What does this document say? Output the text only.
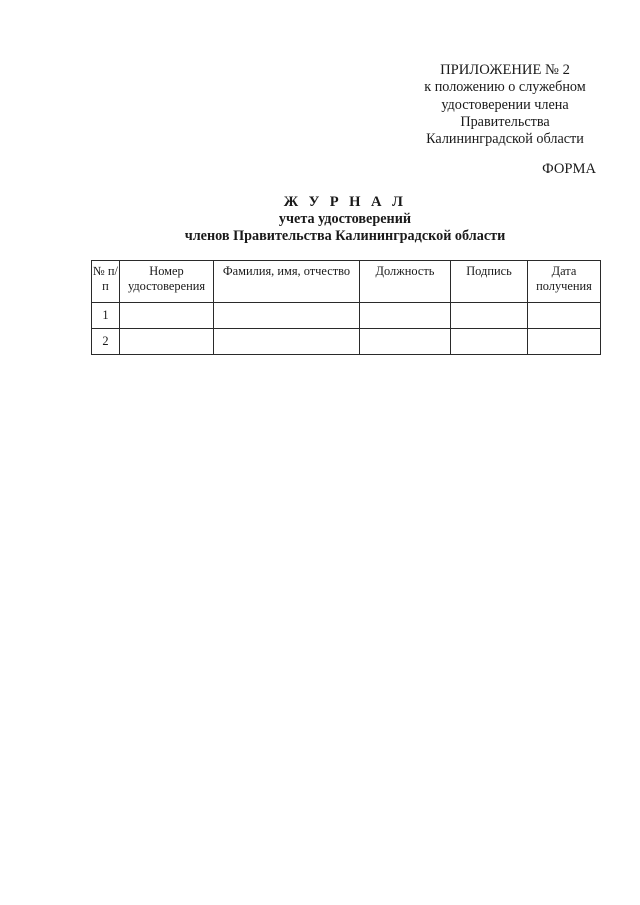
ПРИЛОЖЕНИЕ № 2
к положению о служебном
удостоверении члена
Правительства
Калининградской области
ФОРМА
Ж У Р Н А Л
учета удостоверений
членов Правительства Калининградской области
№ п/п	Номер удостоверения	Фамилия, имя, отчество	Должность	Подпись	Дата получения
1					
2					
